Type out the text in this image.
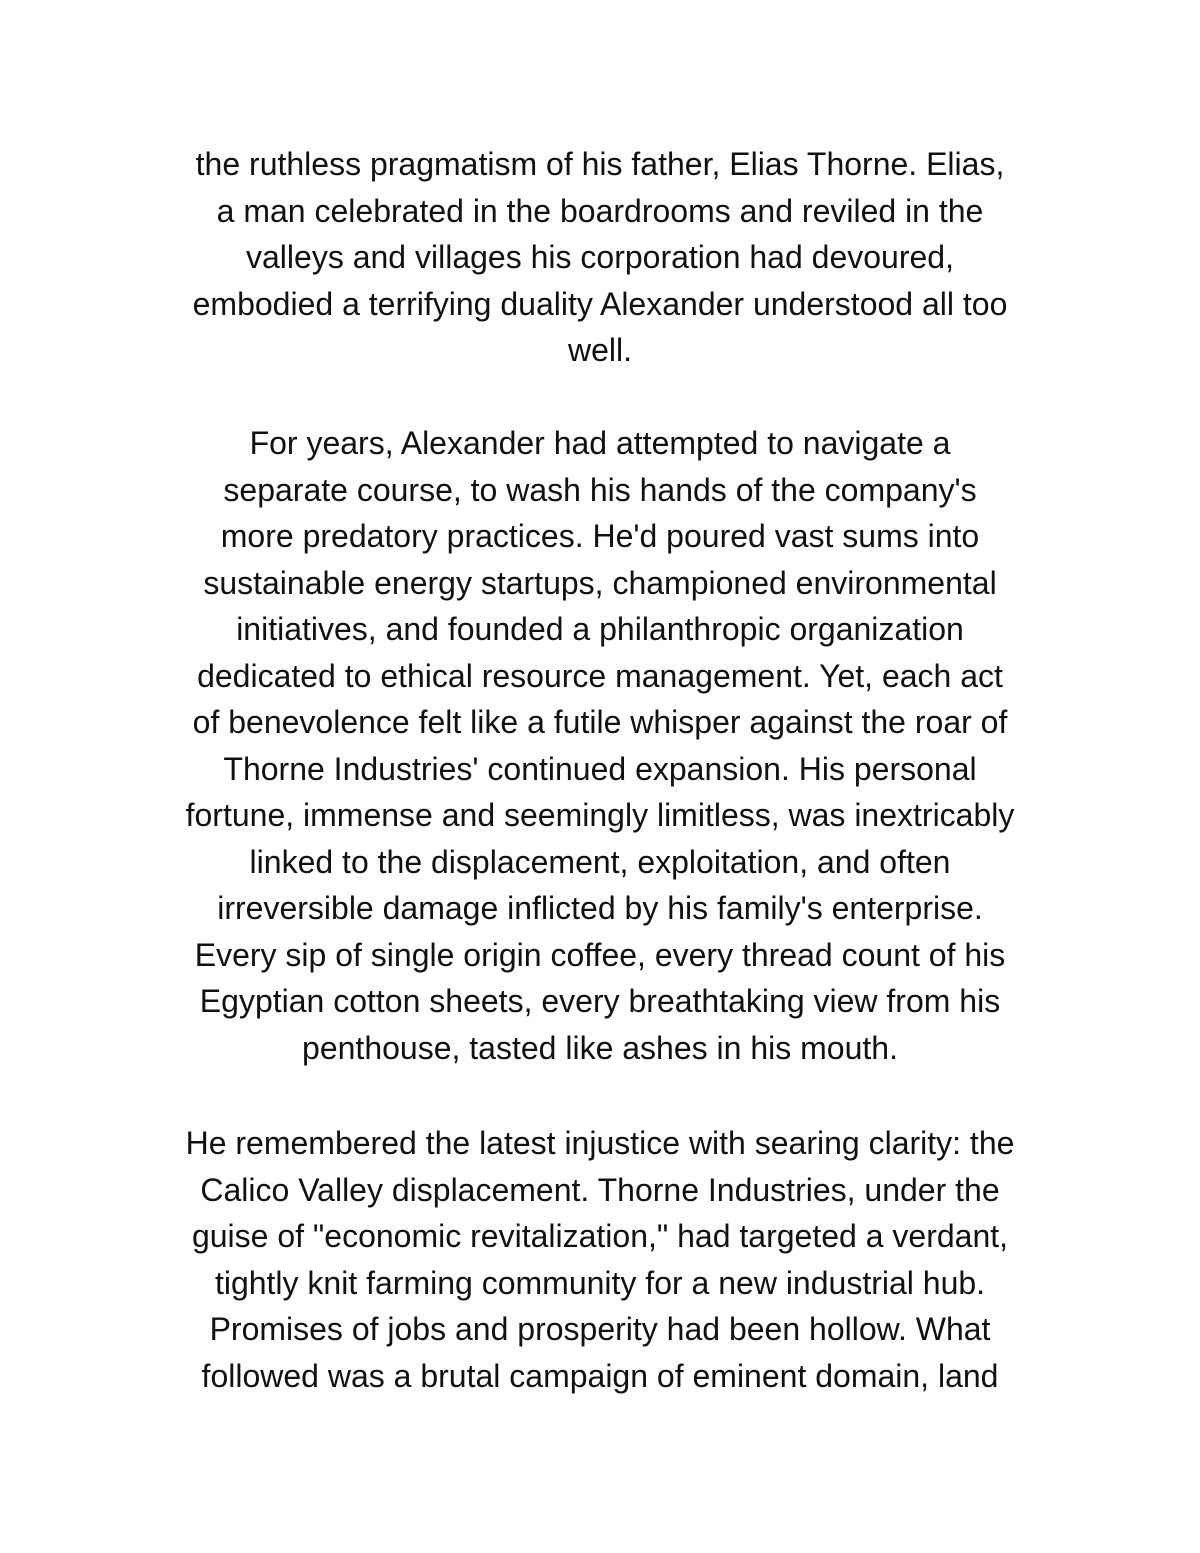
the ruthless pragmatism of his father, Elias Thorne. Elias,
a man celebrated in the boardrooms and reviled in the
valleys and villages his corporation had devoured,
embodied a terrifying duality Alexander understood all too
well.

For years, Alexander had attempted to navigate a
separate course, to wash his hands of the company's
more predatory practices. He'd poured vast sums into
sustainable energy startups, championed environmental
initiatives, and founded a philanthropic organization
dedicated to ethical resource management. Yet, each act
of benevolence felt like a futile whisper against the roar of
Thorne Industries' continued expansion. His personal
fortune, immense and seemingly limitless, was inextricably
linked to the displacement, exploitation, and often
irreversible damage inflicted by his family's enterprise.
Every sip of single origin coffee, every thread count of his
Egyptian cotton sheets, every breathtaking view from his
penthouse, tasted like ashes in his mouth.

He remembered the latest injustice with searing clarity: the
Calico Valley displacement. Thorne Industries, under the
guise of "economic revitalization," had targeted a verdant,
tightly knit farming community for a new industrial hub.
Promises of jobs and prosperity had been hollow. What
followed was a brutal campaign of eminent domain, land
